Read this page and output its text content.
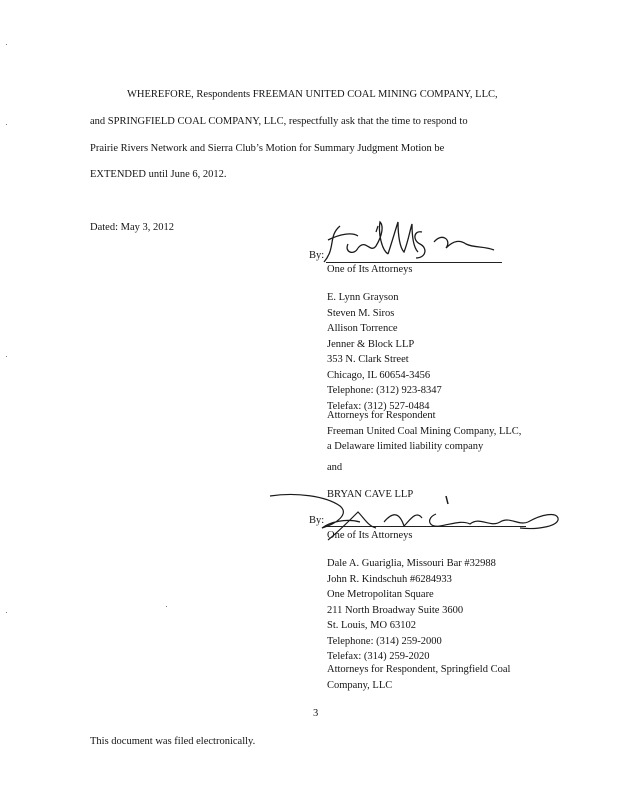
WHEREFORE, Respondents FREEMAN UNITED COAL MINING COMPANY, LLC,
and SPRINGFIELD COAL COMPANY, LLC, respectfully ask that the time to respond to
Prairie Rivers Network and Sierra Club’s Motion for Summary Judgment Motion be
EXTENDED until June 6, 2012.
Dated: May 3, 2012
By:
One of Its Attorneys
E. Lynn Grayson
Steven M. Siros
Allison Torrence
Jenner & Block LLP
353 N. Clark Street
Chicago, IL 60654-3456
Telephone: (312) 923-8347
Telefax: (312) 527-0484
Attorneys for Respondent
Freeman United Coal Mining Company, LLC,
a Delaware limited liability company
and
BRYAN CAVE LLP
By:
One of Its Attorneys
Dale A. Guariglia, Missouri Bar #32988
John R. Kindschuh #6284933
One Metropolitan Square
211 North Broadway Suite 3600
St. Louis, MO 63102
Telephone: (314) 259-2000
Telefax: (314) 259-2020
Attorneys for Respondent, Springfield Coal
Company, LLC
3
This document was filed electronically.
